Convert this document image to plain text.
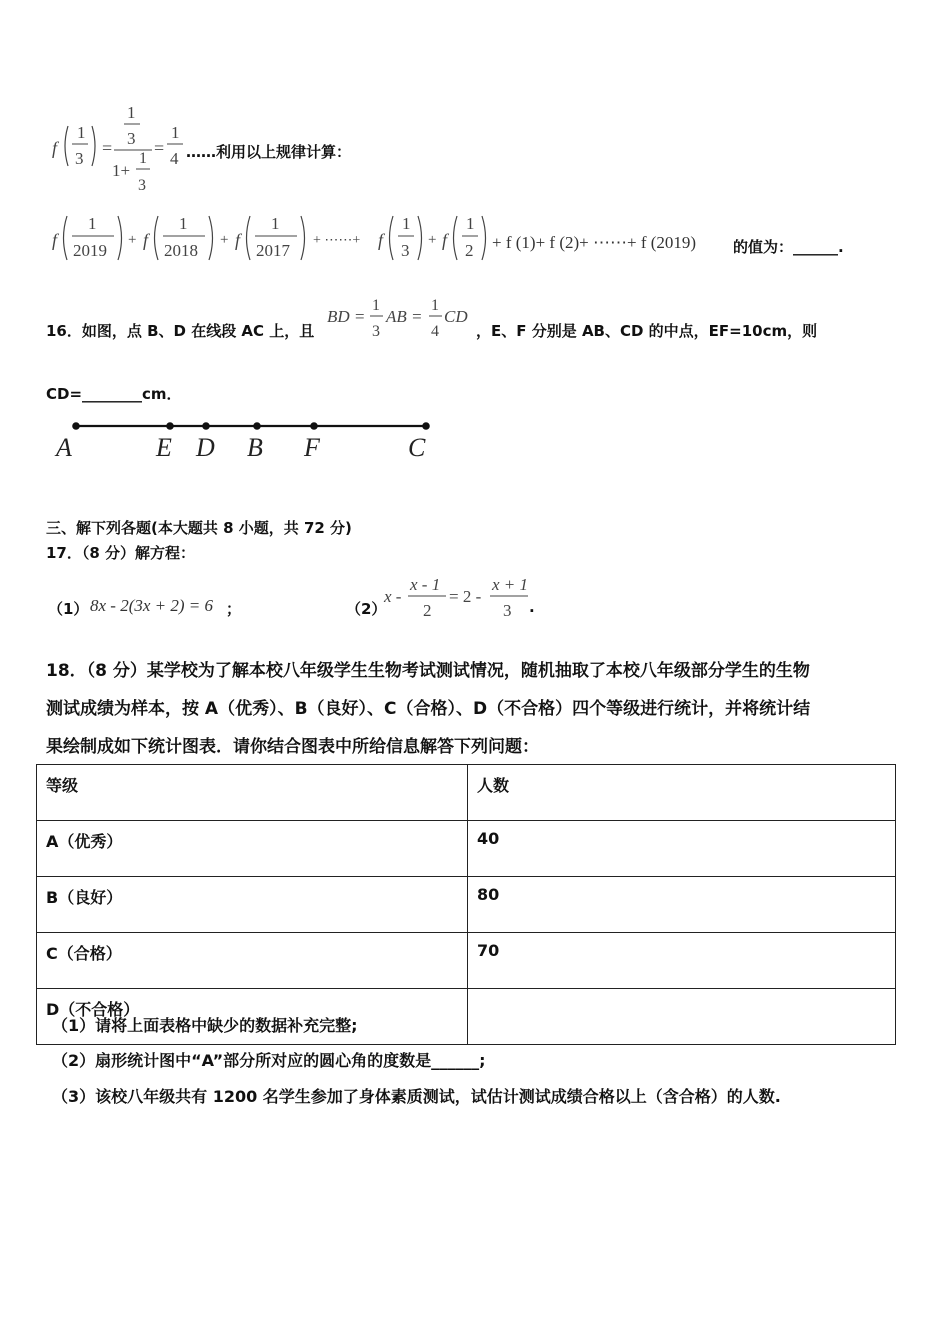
f
1
3
=
1
3
1+
1
3
=
1
4 ……利用以上规律计算：
f
1
2019
+ f
1
2018
+ f
1
2017
+ ⋯⋯+ f
1
3
+ f
1
2 + f (1)+ f (2)+ ⋯⋯+ f (2019) 的值为：______.
16．如图，点 B、D 在线段 AC 上，且
BD =
1
3
AB =
1
4
CD
，E、F 分别是 AB、CD 的中点，EF=10cm，则
CD=________cm．
A	E D B F	C
三、解下列各题(本大题共 8 小题，共 72 分)
17．（8 分）解方程：
（1） 8x - 2(3x + 2) = 6 ；	（2）
x -
x - 1
2
= 2 -
x + 1
3 .
18．（8 分）某学校为了解本校八年级学生生物考试测试情况，随机抽取了本校八年级部分学生的生物
测试成绩为样本，按 A（优秀）、B（良好）、C（合格）、D（不合格）四个等级进行统计，并将统计结
果绘制成如下统计图表．请你结合图表中所给信息解答下列问题：
等级	人数
A（优秀）	40
B（良好）	80
C（合格）	70
D（不合格）	
（1）请将上面表格中缺少的数据补充完整;
（2）扇形统计图中“A”部分所对应的圆心角的度数是______;
（3）该校八年级共有 1200 名学生参加了身体素质测试，试估计测试成绩合格以上（含合格）的人数.
